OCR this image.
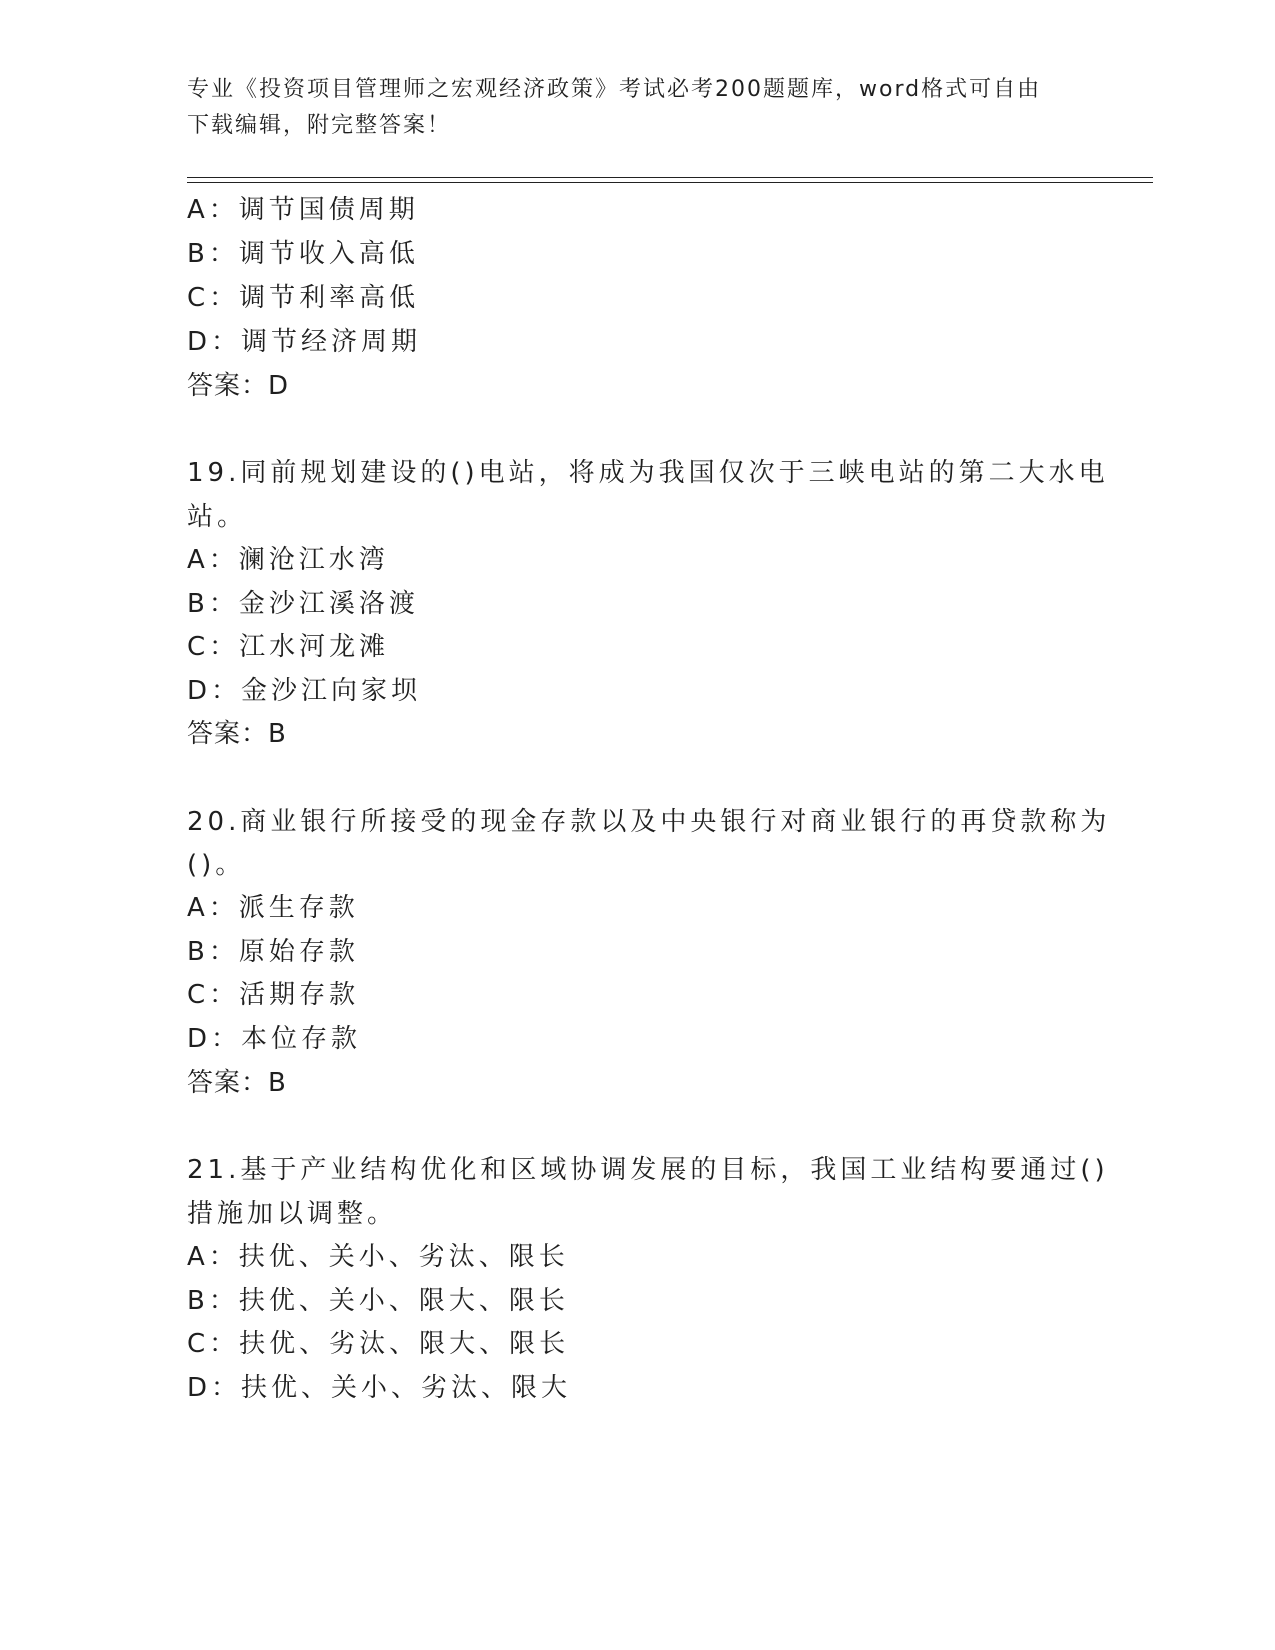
专业《投资项目管理师之宏观经济政策》考试必考200题题库，word格式可自由
下载编辑，附完整答案！
A：调节国债周期
B：调节收入高低
C：调节利率高低
D：调节经济周期
答案：D
19.同前规划建设的()电站，将成为我国仅次于三峡电站的第二大水电
站。
A：澜沧江水湾
B：金沙江溪洛渡
C：江水河龙滩
D：金沙江向家坝
答案：B
20.商业银行所接受的现金存款以及中央银行对商业银行的再贷款称为
()。
A：派生存款
B：原始存款
C：活期存款
D：本位存款
答案：B
21.基于产业结构优化和区域协调发展的目标，我国工业结构要通过()
措施加以调整。
A：扶优、关小、劣汰、限长
B：扶优、关小、限大、限长
C：扶优、劣汰、限大、限长
D：扶优、关小、劣汰、限大
